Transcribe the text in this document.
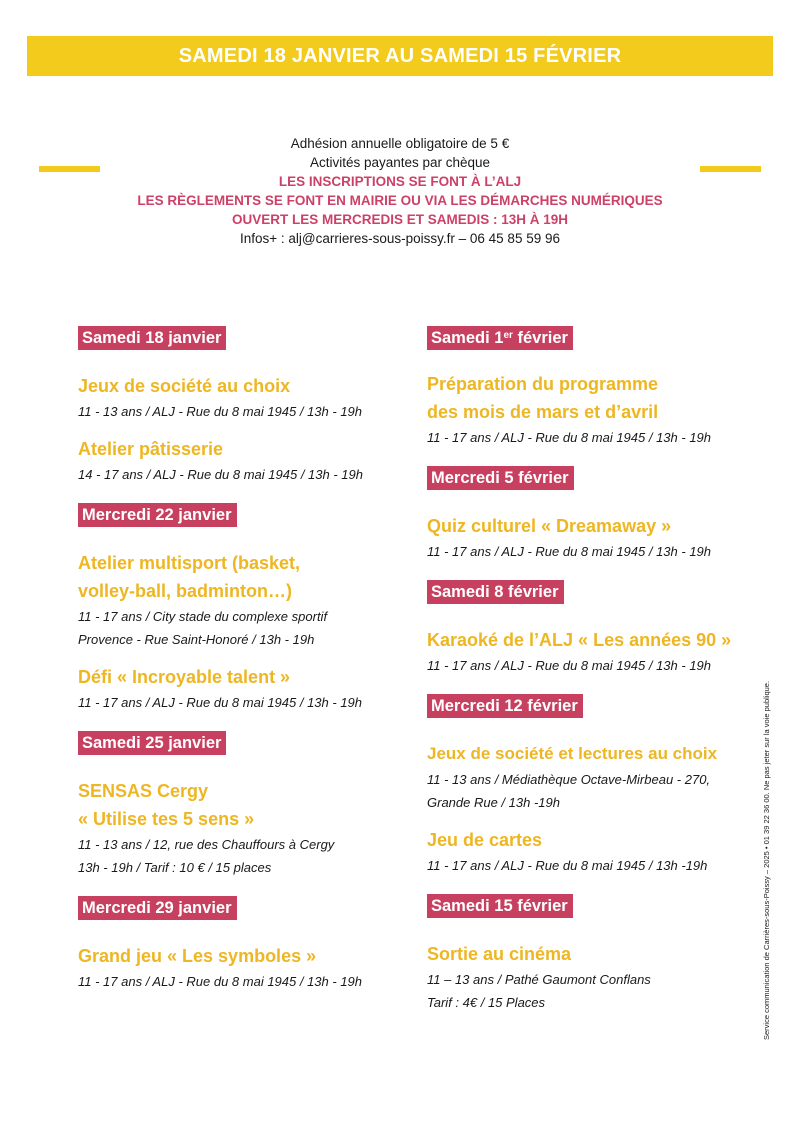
SAMEDI 18 JANVIER AU SAMEDI 15 FÉVRIER
Adhésion annuelle obligatoire de 5 €
Activités payantes par chèque
LES INSCRIPTIONS SE FONT À L’ALJ
LES RÈGLEMENTS SE FONT EN MAIRIE OU VIA LES DÉMARCHES NUMÉRIQUES
OUVERT LES MERCREDIS ET SAMEDIS : 13H À 19H
Infos+ : alj@carrieres-sous-poissy.fr – 06 45 85 59 96
Samedi 18 janvier

Jeux de société au choix

11 - 13 ans / ALJ - Rue du 8 mai 1945 / 13h - 19h

Atelier pâtisserie

14 - 17 ans / ALJ - Rue du 8 mai 1945 / 13h - 19h

Mercredi 22 janvier

Atelier multisport (basket,

volley-ball, badminton…)

11 - 17 ans / City stade du complexe sportif

Provence - Rue Saint-Honoré / 13h - 19h

Défi « Incroyable talent »

11 - 17 ans / ALJ - Rue du 8 mai 1945 / 13h - 19h

Samedi 25 janvier

SENSAS Cergy

« Utilise tes 5 sens »

11 - 13 ans / 12, rue des Chauffours à Cergy

13h - 19h / Tarif : 10 € / 15 places

Mercredi 29 janvier

Grand jeu « Les symboles »

11 - 17 ans / ALJ - Rue du 8 mai 1945 / 13h - 19h

Samedi 1er février

Préparation du programme

des mois de mars et d’avril

11 - 17 ans / ALJ - Rue du 8 mai 1945 / 13h - 19h

Mercredi 5 février

Quiz culturel « Dreamaway »

11 - 17 ans / ALJ - Rue du 8 mai 1945 / 13h - 19h

Samedi 8 février

Karaoké de l’ALJ « Les années 90 »

11 - 17 ans / ALJ - Rue du 8 mai 1945 / 13h - 19h

Mercredi 12 février

Jeux de société et lectures au choix

11 - 13 ans / Médiathèque Octave-Mirbeau - 270,

Grande Rue / 13h -19h

Jeu de cartes

11 - 17 ans / ALJ - Rue du 8 mai 1945 / 13h -19h

Samedi 15 février

Sortie au cinéma

11 – 13 ans / Pathé Gaumont Conflans

Tarif : 4€ / 15 Places	Service communication de Carrières-sous-Poissy – 2025 • 01 39 22 36 00. Ne pas jeter sur la voie publique.
